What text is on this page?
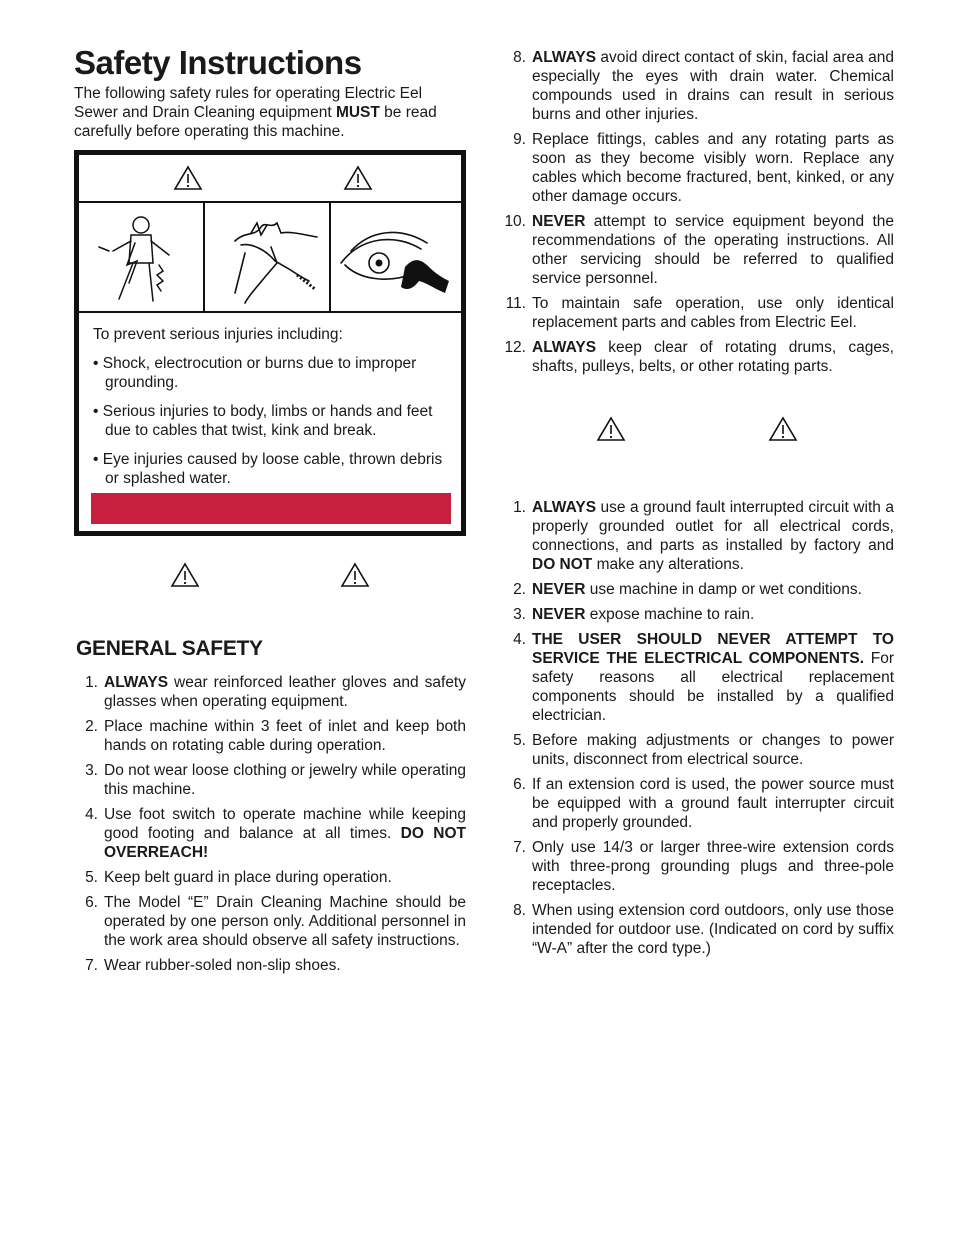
Safety Instructions

The following safety rules for operating Electric Eel Sewer and Drain Cleaning equipment MUST be read carefully before operating this machine.

To prevent serious injuries including:

• Shock, electrocution or burns due to improper grounding.

• Serious injuries to body, limbs or hands and feet due to cables that twist, kink and break.

• Eye injuries caused by loose cable, thrown debris or splashed water.

GENERAL SAFETY
1. ALWAYS wear reinforced leather gloves and safety glasses when operating equipment.
2. Place machine within 3 feet of inlet and keep both hands on rotating cable during operation.
3. Do not wear loose clothing or jewelry while operating this machine.
4. Use foot switch to operate machine while keeping good footing and balance at all times. DO NOT OVERREACH!
5. Keep belt guard in place during operation.
6. The Model “E” Drain Cleaning Machine should be operated by one person only. Additional personnel in the work area should observe all safety instructions.
7. Wear rubber-soled non-slip shoes.
8. ALWAYS avoid direct contact of skin, facial area and especially the eyes with drain water. Chemical compounds used in drains can result in serious burns and other injuries.
9. Replace fittings, cables and any rotating parts as soon as they become visibly worn. Replace any cables which become fractured, bent, kinked, or any other damage occurs.
10. NEVER attempt to service equipment beyond the recommendations of the operating instructions. All other servicing should be referred to qualified service personnel.
11. To maintain safe operation, use only identical replacement parts and cables from Electric Eel.
12. ALWAYS keep clear of rotating drums, cages, shafts, pulleys, belts, or other rotating parts.
1. ALWAYS use a ground fault interrupted circuit with a properly grounded outlet for all electrical cords, connections, and parts as installed by factory and DO NOT make any alterations.
2. NEVER use machine in damp or wet conditions.
3. NEVER expose machine to rain.
4. THE USER SHOULD NEVER ATTEMPT TO SERVICE THE ELECTRICAL COMPONENTS. For safety reasons all electrical replacement components should be installed by a qualified electrician.
5. Before making adjustments or changes to power units, disconnect from electrical source.
6. If an extension cord is used, the power source must be equipped with a ground fault interrupter circuit and properly grounded.
7. Only use 14/3 or larger three-wire extension cords with three-prong grounding plugs and three-pole receptacles.
8. When using extension cord outdoors, only use those intended for outdoor use. (Indicated on cord by suffix “W-A” after the cord type.)
